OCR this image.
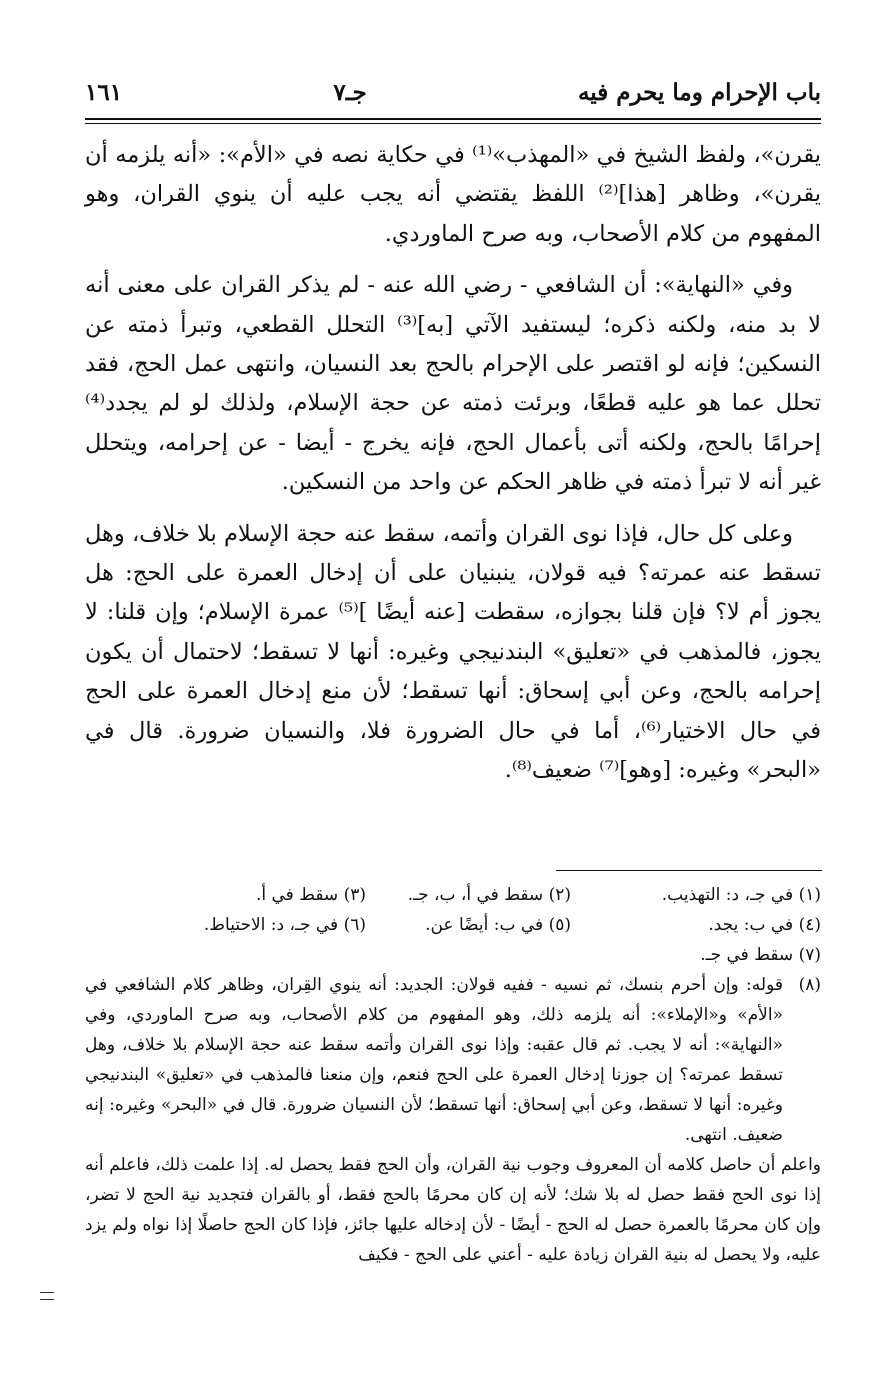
باب الإحرام وما يحرم فيه
جـ٧
١٦١

يقرن»، ولفظ الشيخ في «المهذب»⁽¹⁾ في حكاية نصه في «الأم»: «أنه يلزمه أن يقرن»، وظاهر [هذا]⁽²⁾ اللفظ يقتضي أنه يجب عليه أن ينوي القران، وهو المفهوم من كلام الأصحاب، وبه صرح الماوردي.

وفي «النهاية»: أن الشافعي - رضي الله عنه - لم يذكر القران على معنى أنه لا بد منه، ولكنه ذكره؛ ليستفيد الآتي [به]⁽³⁾ التحلل القطعي، وتبرأ ذمته عن النسكين؛ فإنه لو اقتصر على الإحرام بالحج بعد النسيان، وانتهى عمل الحج، فقد تحلل عما هو عليه قطعًا، وبرئت ذمته عن حجة الإسلام، ولذلك لو لم يجدد⁽⁴⁾ إحرامًا بالحج، ولكنه أتى بأعمال الحج، فإنه يخرج - أيضا - عن إحرامه، ويتحلل غير أنه لا تبرأ ذمته في ظاهر الحكم عن واحد من النسكين.

وعلى كل حال، فإذا نوى القران وأتمه، سقط عنه حجة الإسلام بلا خلاف، وهل تسقط عنه عمرته؟ فيه قولان، ينبنيان على أن إدخال العمرة على الحج: هل يجوز أم لا؟ فإن قلنا بجوازه، سقطت [عنه أيضًا ]⁽⁵⁾ عمرة الإسلام؛ وإن قلنا: لا يجوز، فالمذهب في «تعليق» البندنيجي وغيره: أنها لا تسقط؛ لاحتمال أن يكون إحرامه بالحج، وعن أبي إسحاق: أنها تسقط؛ لأن منع إدخال العمرة على الحج في حال الاختيار⁽⁶⁾، أما في حال الضرورة فلا، والنسيان ضرورة. قال في «البحر» وغيره: [وهو]⁽⁷⁾ ضعيف⁽⁸⁾.

(١) في جـ، د: التهذيب.
(٢) سقط في أ، ب، جـ.
(٣) سقط في أ.
(٤) في ب: يجد.
(٥) في ب: أيضًا عن.
(٦) في جـ، د: الاحتياط.
(٧) سقط في جـ.
(٨)
قوله: وإن أحرم بنسك، ثم نسيه - ففيه قولان: الجديد: أنه ينوي القِران، وظاهر كلام الشافعي في «الأم» و«الإملاء»: أنه يلزمه ذلك، وهو المفهوم من كلام الأصحاب، وبه صرح الماوردي، وفي «النهاية»: أنه لا يجب. ثم قال عقبه: وإذا نوى القران وأتمه سقط عنه حجة الإسلام بلا خلاف، وهل تسقط عمرته؟ إن جوزنا إدخال العمرة على الحج فنعم، وإن منعنا فالمذهب في «تعليق» البندنيجي وغيره: أنها لا تسقط، وعن أبي إسحاق: أنها تسقط؛ لأن النسيان ضرورة. قال في «البحر» وغيره: إنه ضعيف. انتهى.
واعلم أن حاصل كلامه أن المعروف وجوب نية القران، وأن الحج فقط يحصل له. إذا علمت ذلك، فاعلم أنه إذا نوى الحج فقط حصل له بلا شك؛ لأنه إن كان محرمًا بالحج فقط، أو بالقران فتجديد نية الحج لا تضر، وإن كان محرمًا بالعمرة حصل له الحج - أيضًا - لأن إدخاله عليها جائز، فإذا كان الحج حاصلًا إذا نواه ولم يزد عليه، ولا يحصل له بنية القران زيادة عليه - أعني على الحج - فكيف
